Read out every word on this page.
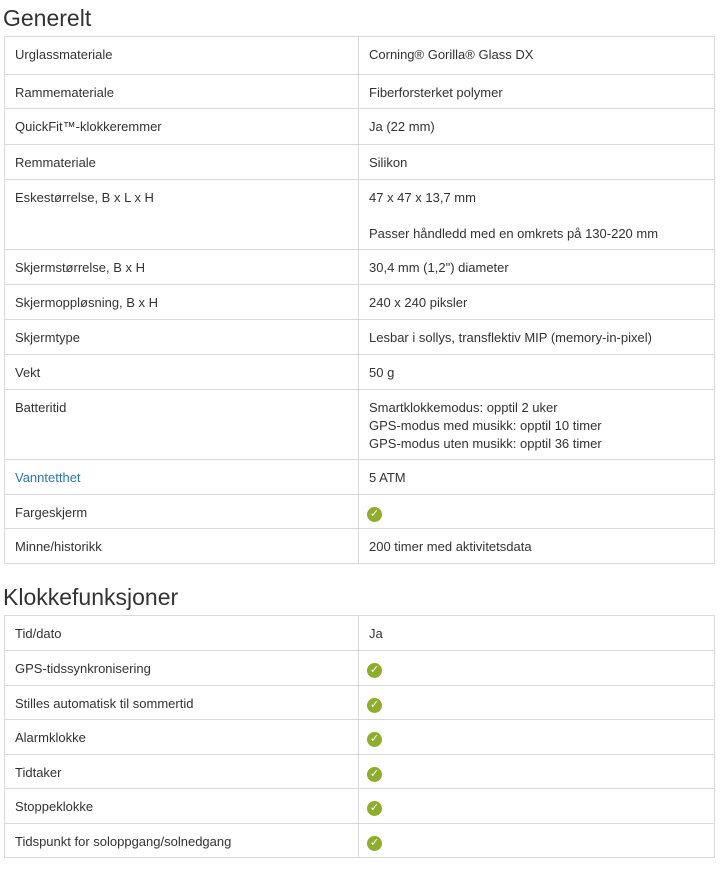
Generelt
Urglassmateriale	Corning® Gorilla® Glass DX
Rammemateriale	Fiberforsterket polymer
QuickFit™-klokkeremmer	Ja (22 mm)
Remmateriale	Silikon
Eskestørrelse, B x L x H	47 x 47 x 13,7 mm
Passer håndledd med en omkrets på 130-220 mm

Skjermstørrelse, B x H	30,4 mm (1,2") diameter
Skjermoppløsning, B x H	240 x 240 piksler
Skjermtype	Lesbar i sollys, transflektiv MIP (memory-in-pixel)
Vekt	50 g
Batteritid	Smartklokkemodus: opptil 2 uker
GPS-modus med musikk: opptil 10 timer
GPS-modus uten musikk: opptil 36 timer

Vanntetthet	5 ATM
Fargeskjerm	✓
Minne/historikk	200 timer med aktivitetsdata
Klokkefunksjoner
Tid/dato	Ja
GPS-tidssynkronisering	✓
Stilles automatisk til sommertid	✓
Alarmklokke	✓
Tidtaker	✓
Stoppeklokke	✓
Tidspunkt for soloppgang/solnedgang	✓
